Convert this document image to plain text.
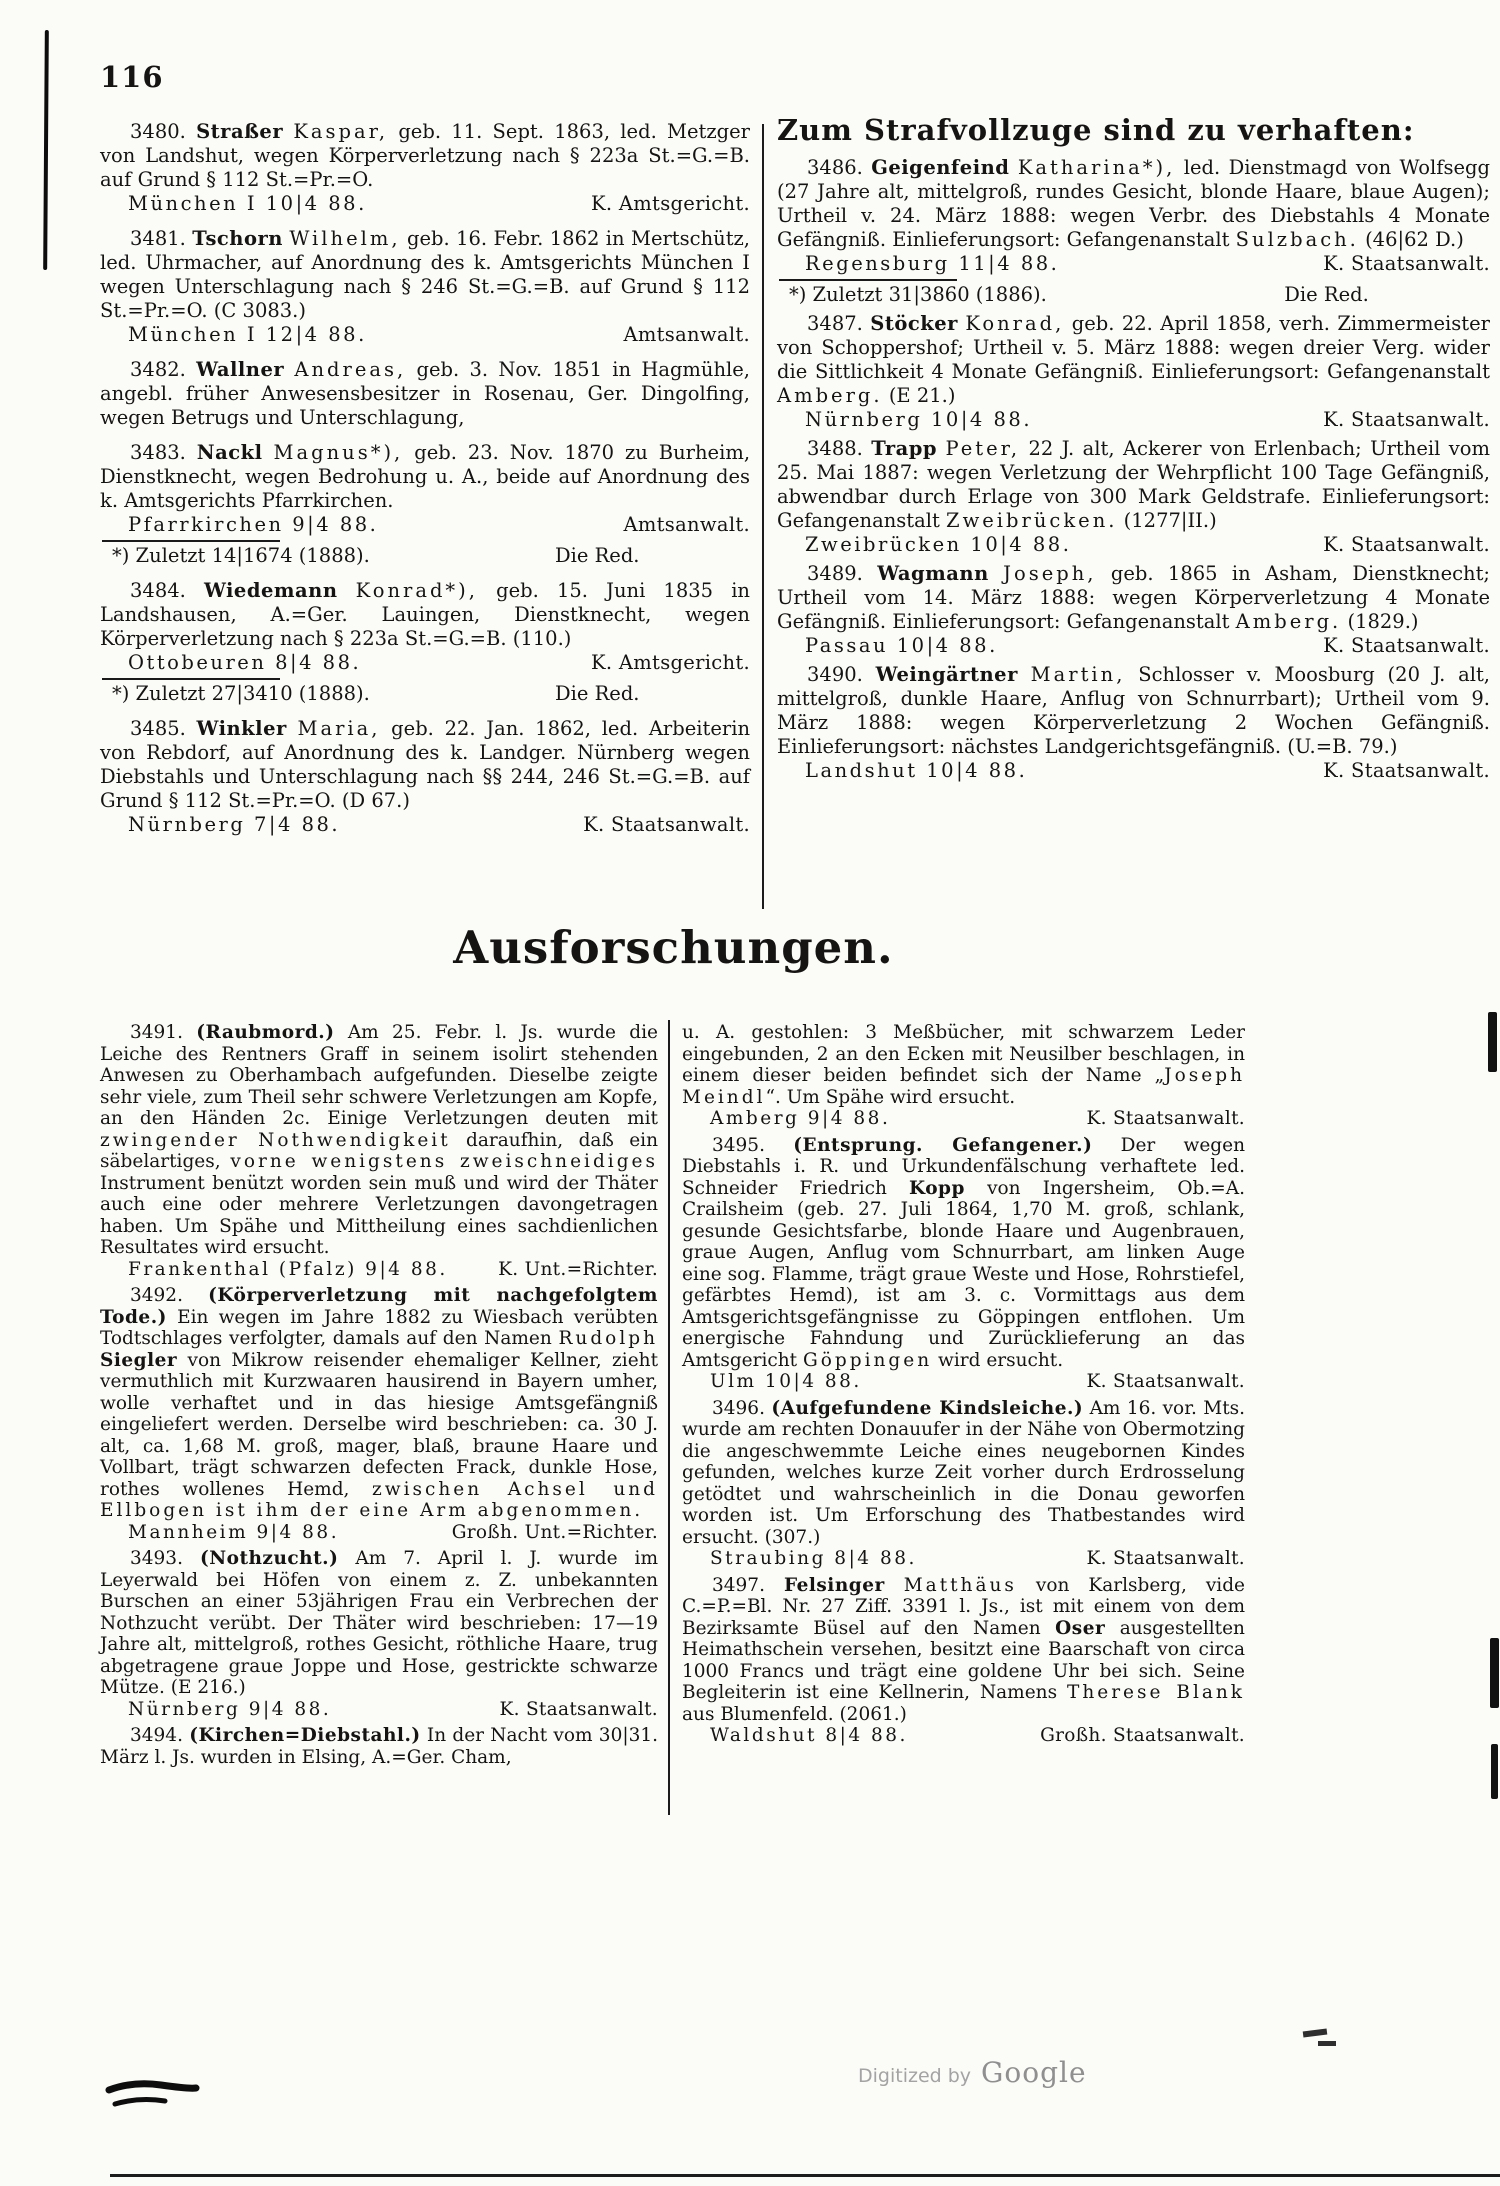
116

3480. Straßer Kaspar, geb. 11. Sept. 1863, led. Metzger von Landshut, wegen Körperverletzung nach § 223a St.=G.=B. auf Grund § 112 St.=Pr.=O.

München I 10|4 88.	K. Amtsgericht.

3481. Tschorn Wilhelm, geb. 16. Febr. 1862 in Mertschütz, led. Uhrmacher, auf Anordnung des k. Amtsgerichts München I wegen Unterschlagung nach § 246 St.=G.=B. auf Grund § 112 St.=Pr.=O. (C 3083.)

München I 12|4 88.	Amtsanwalt.

3482. Wallner Andreas, geb. 3. Nov. 1851 in Hagmühle, angebl. früher Anwesensbesitzer in Rosenau, Ger. Dingolfing, wegen Betrugs und Unterschlagung,

3483. Nackl Magnus*), geb. 23. Nov. 1870 zu Burheim, Dienstknecht, wegen Bedrohung u. A., beide auf Anordnung des k. Amtsgerichts Pfarrkirchen.

Pfarrkirchen 9|4 88.	Amtsanwalt.

*) Zuletzt 14|1674 (1888).	Die Red.

3484. Wiedemann Konrad*), geb. 15. Juni 1835 in Landshausen, A.=Ger. Lauingen, Dienstknecht, wegen Körperverletzung nach § 223a St.=G.=B. (110.)

Ottobeuren 8|4 88.	K. Amtsgericht.

*) Zuletzt 27|3410 (1888).	Die Red.

3485. Winkler Maria, geb. 22. Jan. 1862, led. Arbeiterin von Rebdorf, auf Anordnung des k. Landger. Nürnberg wegen Diebstahls und Unterschlagung nach §§ 244, 246 St.=G.=B. auf Grund § 112 St.=Pr.=O. (D 67.)

Nürnberg 7|4 88.	K. Staatsanwalt.

Zum Strafvollzuge sind zu verhaften:

3486. Geigenfeind Katharina*), led. Dienstmagd von Wolfsegg (27 Jahre alt, mittelgroß, rundes Gesicht, blonde Haare, blaue Augen); Urtheil v. 24. März 1888: wegen Verbr. des Diebstahls 4 Monate Gefängniß. Einlieferungsort: Gefangenanstalt Sulzbach. (46|62 D.)

Regensburg 11|4 88.	K. Staatsanwalt.

*) Zuletzt 31|3860 (1886).	Die Red.

3487. Stöcker Konrad, geb. 22. April 1858, verh. Zimmermeister von Schoppershof; Urtheil v. 5. März 1888: wegen dreier Verg. wider die Sittlichkeit 4 Monate Gefängniß. Einlieferungsort: Gefangenanstalt Amberg. (E 21.)

Nürnberg 10|4 88.	K. Staatsanwalt.

3488. Trapp Peter, 22 J. alt, Ackerer von Erlenbach; Urtheil vom 25. Mai 1887: wegen Verletzung der Wehrpflicht 100 Tage Gefängniß, abwendbar durch Erlage von 300 Mark Geldstrafe. Einlieferungsort: Gefangenanstalt Zweibrücken. (1277|II.)

Zweibrücken 10|4 88.	K. Staatsanwalt.

3489. Wagmann Joseph, geb. 1865 in Asham, Dienstknecht; Urtheil vom 14. März 1888: wegen Körperverletzung 4 Monate Gefängniß. Einlieferungsort: Gefangenanstalt Amberg. (1829.)

Passau 10|4 88.	K. Staatsanwalt.

3490. Weingärtner Martin, Schlosser v. Moosburg (20 J. alt, mittelgroß, dunkle Haare, Anflug von Schnurrbart); Urtheil vom 9. März 1888: wegen Körperverletzung 2 Wochen Gefängniß. Einlieferungsort: nächstes Landgerichtsgefängniß. (U.=B. 79.)

Landshut 10|4 88.	K. Staatsanwalt.

Ausforschungen.

3491. (Raubmord.) Am 25. Febr. l. Js. wurde die Leiche des Rentners Graff in seinem isolirt stehenden Anwesen zu Oberhambach aufgefunden. Dieselbe zeigte sehr viele, zum Theil sehr schwere Verletzungen am Kopfe, an den Händen 2c. Einige Verletzungen deuten mit zwingender Nothwendigkeit daraufhin, daß ein säbelartiges, vorne wenigstens zweischneidiges Instrument benützt worden sein muß und wird der Thäter auch eine oder mehrere Verletzungen davongetragen haben. Um Spähe und Mittheilung eines sachdienlichen Resultates wird ersucht.

Frankenthal (Pfalz) 9|4 88.	K. Unt.=Richter.

3492. (Körperverletzung mit nachgefolgtem Tode.) Ein wegen im Jahre 1882 zu Wiesbach verübten Todtschlages verfolgter, damals auf den Namen Rudolph Siegler von Mikrow reisender ehemaliger Kellner, zieht vermuthlich mit Kurzwaaren hausirend in Bayern umher, wolle verhaftet und in das hiesige Amtsgefängniß eingeliefert werden. Derselbe wird beschrieben: ca. 30 J. alt, ca. 1,68 M. groß, mager, blaß, braune Haare und Vollbart, trägt schwarzen defecten Frack, dunkle Hose, rothes wollenes Hemd, zwischen Achsel und Ellbogen ist ihm der eine Arm abgenommen.

Mannheim 9|4 88.	Großh. Unt.=Richter.

3493. (Nothzucht.) Am 7. April l. J. wurde im Leyerwald bei Höfen von einem z. Z. unbekannten Burschen an einer 53jährigen Frau ein Verbrechen der Nothzucht verübt. Der Thäter wird beschrieben: 17—19 Jahre alt, mittelgroß, rothes Gesicht, röthliche Haare, trug abgetragene graue Joppe und Hose, gestrickte schwarze Mütze. (E 216.)

Nürnberg 9|4 88.	K. Staatsanwalt.

3494. (Kirchen=Diebstahl.) In der Nacht vom 30|31. März l. Js. wurden in Elsing, A.=Ger. Cham,

u. A. gestohlen: 3 Meßbücher, mit schwarzem Leder eingebunden, 2 an den Ecken mit Neusilber beschlagen, in einem dieser beiden befindet sich der Name „Joseph Meindl“. Um Spähe wird ersucht.

Amberg 9|4 88.	K. Staatsanwalt.

3495. (Entsprung. Gefangener.) Der wegen Diebstahls i. R. und Urkundenfälschung verhaftete led. Schneider Friedrich Kopp von Ingersheim, Ob.=A. Crailsheim (geb. 27. Juli 1864, 1,70 M. groß, schlank, gesunde Gesichtsfarbe, blonde Haare und Augenbrauen, graue Augen, Anflug vom Schnurrbart, am linken Auge eine sog. Flamme, trägt graue Weste und Hose, Rohrstiefel, gefärbtes Hemd), ist am 3. c. Vormittags aus dem Amtsgerichtsgefängnisse zu Göppingen entflohen. Um energische Fahndung und Zurücklieferung an das Amtsgericht Göppingen wird ersucht.

Ulm 10|4 88.	K. Staatsanwalt.

3496. (Aufgefundene Kindsleiche.) Am 16. vor. Mts. wurde am rechten Donauufer in der Nähe von Obermotzing die angeschwemmte Leiche eines neugebornen Kindes gefunden, welches kurze Zeit vorher durch Erdrosselung getödtet und wahrscheinlich in die Donau geworfen worden ist. Um Erforschung des Thatbestandes wird ersucht. (307.)

Straubing 8|4 88.	K. Staatsanwalt.

3497. Felsinger Matthäus von Karlsberg, vide C.=P.=Bl. Nr. 27 Ziff. 3391 l. Js., ist mit einem von dem Bezirksamte Büsel auf den Namen Oser ausgestellten Heimathschein versehen, besitzt eine Baarschaft von circa 1000 Francs und trägt eine goldene Uhr bei sich. Seine Begleiterin ist eine Kellnerin, Namens Therese Blank aus Blumenfeld. (2061.)

Waldshut 8|4 88.	Großh. Staatsanwalt.

Digitized by Google
